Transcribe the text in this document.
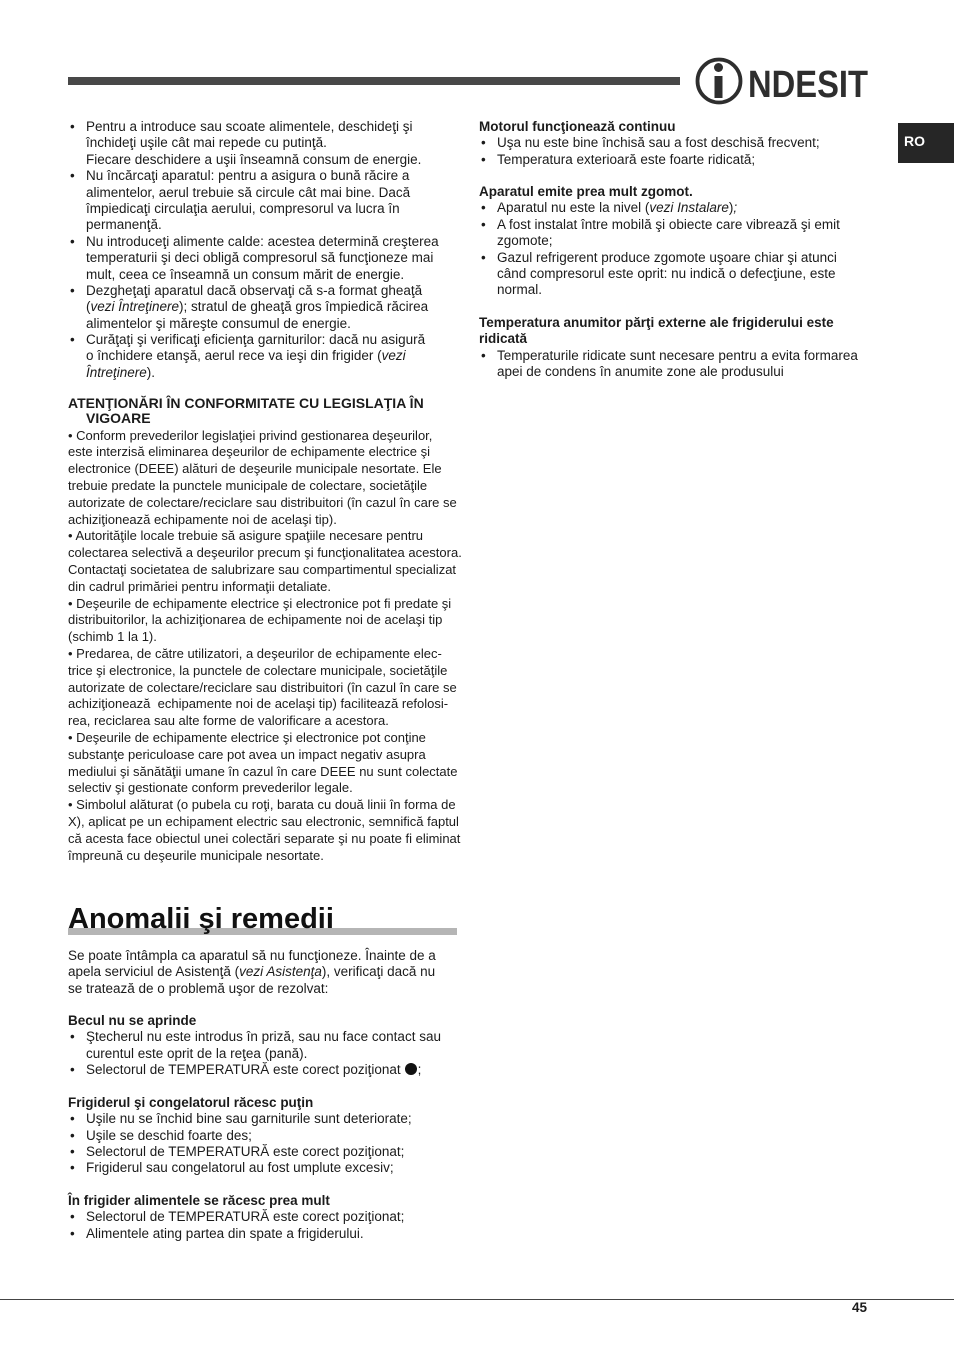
NDESIT
RO
• Pentru a introduce sau scoate alimentele, deschideţi şi
închideţi uşile cât mai repede cu putinţă.
Fiecare deschidere a uşii înseamnă consum de energie.
• Nu încărcaţi aparatul: pentru a asigura o bună răcire a
alimentelor, aerul trebuie să circule cât mai bine. Dacă
împiedicaţi circulaţia aerului, compresorul va lucra în
permanenţă.
• Nu introduceţi alimente calde: acestea determină creşterea
temperaturii şi deci obligă compresorul să funcţioneze mai
mult, ceea ce înseamnă un consum mărit de energie.
• Dezgheţaţi aparatul dacă observaţi că s-a format gheaţă
(vezi Întreţinere); stratul de gheaţă gros împiedică răcirea
alimentelor şi măreşte consumul de energie.
• Curăţaţi şi verificaţi eficienţa garniturilor: dacă nu asigură
o închidere etanşă, aerul rece va ieşi din frigider (vezi
Întreţinere).
ATENŢIONĂRI ÎN CONFORMITATE CU LEGISLAŢIA ÎN
VIGOARE
• Conform prevederilor legislaţiei privind gestionarea deşeurilor,
este interzisă eliminarea deşeurilor de echipamente electrice şi
electronice (DEEE) alături de deşeurile municipale nesortate. Ele
trebuie predate la punctele municipale de colectare, societăţile
autorizate de colectare/reciclare sau distribuitori (în cazul în care se
achiziţionează echipamente noi de acelaşi tip).
• Autorităţile locale trebuie să asigure spaţiile necesare pentru
colectarea selectivă a deşeurilor precum şi funcţionalitatea acestora.
Contactaţi societatea de salubrizare sau compartimentul specializat
din cadrul primăriei pentru informaţii detaliate.
• Deşeurile de echipamente electrice şi electronice pot fi predate şi
distribuitorilor, la achiziţionarea de echipamente noi de acelaşi tip
(schimb 1 la 1).
• Predarea, de către utilizatori, a deşeurilor de echipamente elec-
trice şi electronice, la punctele de colectare municipale, societăţile
autorizate de colectare/reciclare sau distribuitori (în cazul în care se
achiziţionează  echipamente noi de acelaşi tip) facilitează refolosi-
rea, reciclarea sau alte forme de valorificare a acestora.
• Deşeurile de echipamente electrice şi electronice pot conţine
substanţe periculoase care pot avea un impact negativ asupra
mediului şi sănătăţii umane în cazul în care DEEE nu sunt colectate
selectiv şi gestionate conform prevederilor legale.
• Simbolul alăturat (o pubela cu roţi, barata cu două linii în forma de
X), aplicat pe un echipament electric sau electronic, semnifică faptul
că acesta face obiectul unei colectări separate şi nu poate fi eliminat
împreună cu deşeurile municipale nesortate.
Anomalii şi remedii
Se poate întâmpla ca aparatul să nu funcţioneze. Înainte de a
apela serviciul de Asistenţă (vezi Asistenţa), verificaţi dacă nu
se tratează de o problemă uşor de rezolvat:
Becul nu se aprinde
• Ştecherul nu este introdus în priză, sau nu face contact sau
curentul este oprit de la reţea (pană).
• Selectorul de TEMPERATURĂ este corect poziţionat ;
Frigiderul şi congelatorul răcesc puţin
• Uşile nu se închid bine sau garniturile sunt deteriorate;
• Uşile se deschid foarte des;
• Selectorul de TEMPERATURĂ este corect poziţionat;
• Frigiderul sau congelatorul au fost umplute excesiv;
În frigider alimentele se răcesc prea mult
• Selectorul de TEMPERATURĂ este corect poziţionat;
• Alimentele ating partea din spate a frigiderului.
Motorul funcţionează continuu
• Uşa nu este bine închisă sau a fost deschisă frecvent;
• Temperatura exterioară este foarte ridicată;
Aparatul emite prea mult zgomot.
• Aparatul nu este la nivel (vezi Instalare);
• A fost instalat între mobilă şi obiecte care vibrează şi emit
zgomote;
• Gazul refrigerent produce zgomote uşoare chiar şi atunci
când compresorul este oprit: nu indică o defecţiune, este
normal.
Temperatura anumitor părţi externe ale frigiderului este
ridicată
• Temperaturile ridicate sunt necesare pentru a evita formarea
apei de condens în anumite zone ale produsului
45
